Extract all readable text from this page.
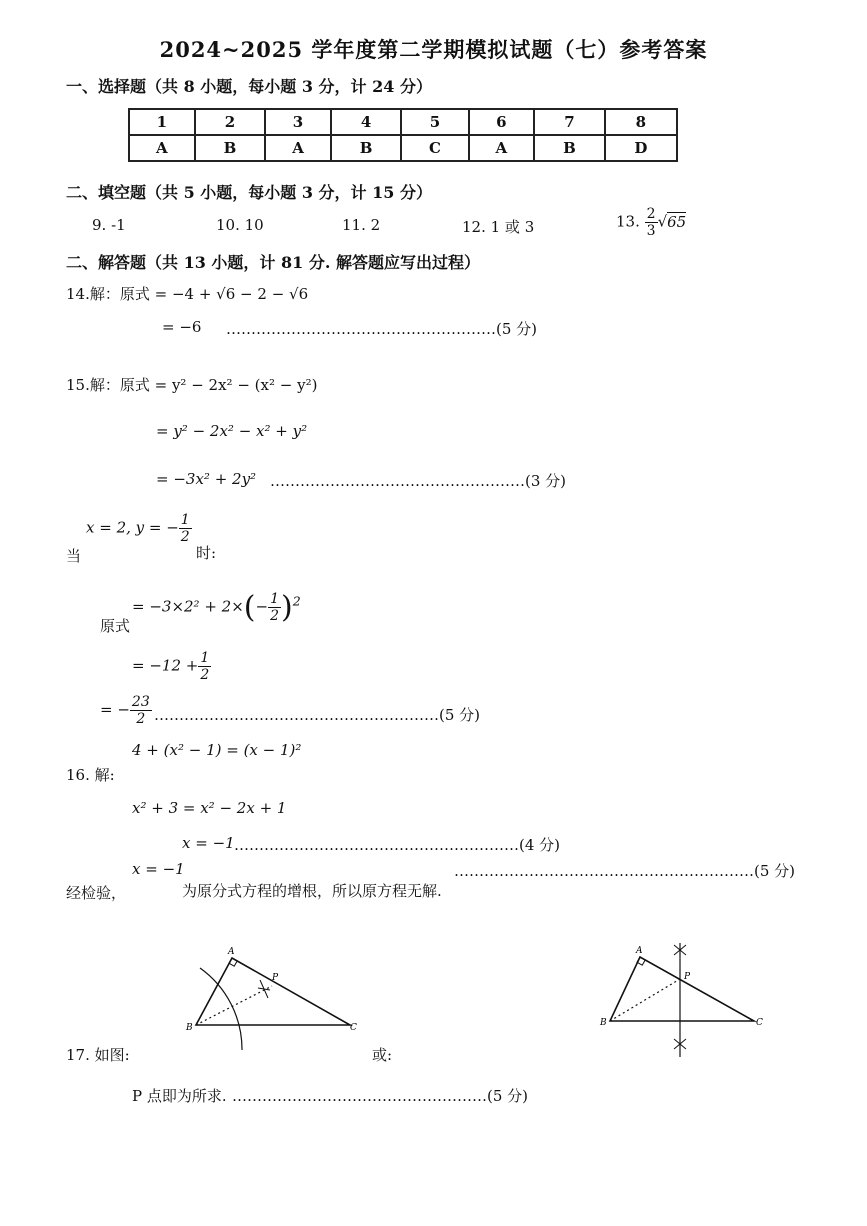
2024~2025 学年度第二学期模拟试题（七）参考答案
一、选择题（共 8 小题，每小题 3 分，计 24 分）
1	2	3	4	5	6	7	8
A	B	A	B	C	A	B	D
二、填空题（共 5 小题，每小题 3 分，计 15 分）
9. -1	10. 10	11. 2	12. 1 或 3	13. $\frac{2}{3} √65$
二、解答题（共 13 小题，计 81 分. 解答题应写出过程）
14.解：原式 = −4 + √6 − 2 − √6
= −6 ………………………………………………(5 分)
15.解：原式 = y² − 2x² − (x² − y²)
= y² − 2x² − x² + y²
= −3x² + 2y² ……………………………………………(3 分)
当
x = 2, y = − $\frac{1}{2}$
时:
原式
= $-3\times 2^2 + 2\times(- \frac{1}{2} )^2$
= $-12 + \frac{1}{2}$
= − $\frac{23}{2}$ …………………………………………………(5 分)
4 + (x² − 1) = (x − 1)²
16. 解:
x² + 3 = x² − 2x + 1
x = −1 …………………………………………………(4 分)
x = −1	……………………………………………………(5 分)
经检验，	为原分式方程的增根，所以原方程无解.
A
P
B	C
A
P
B	C
17. 如图:	或:
P 点即为所求. ……………………………………………(5 分)
